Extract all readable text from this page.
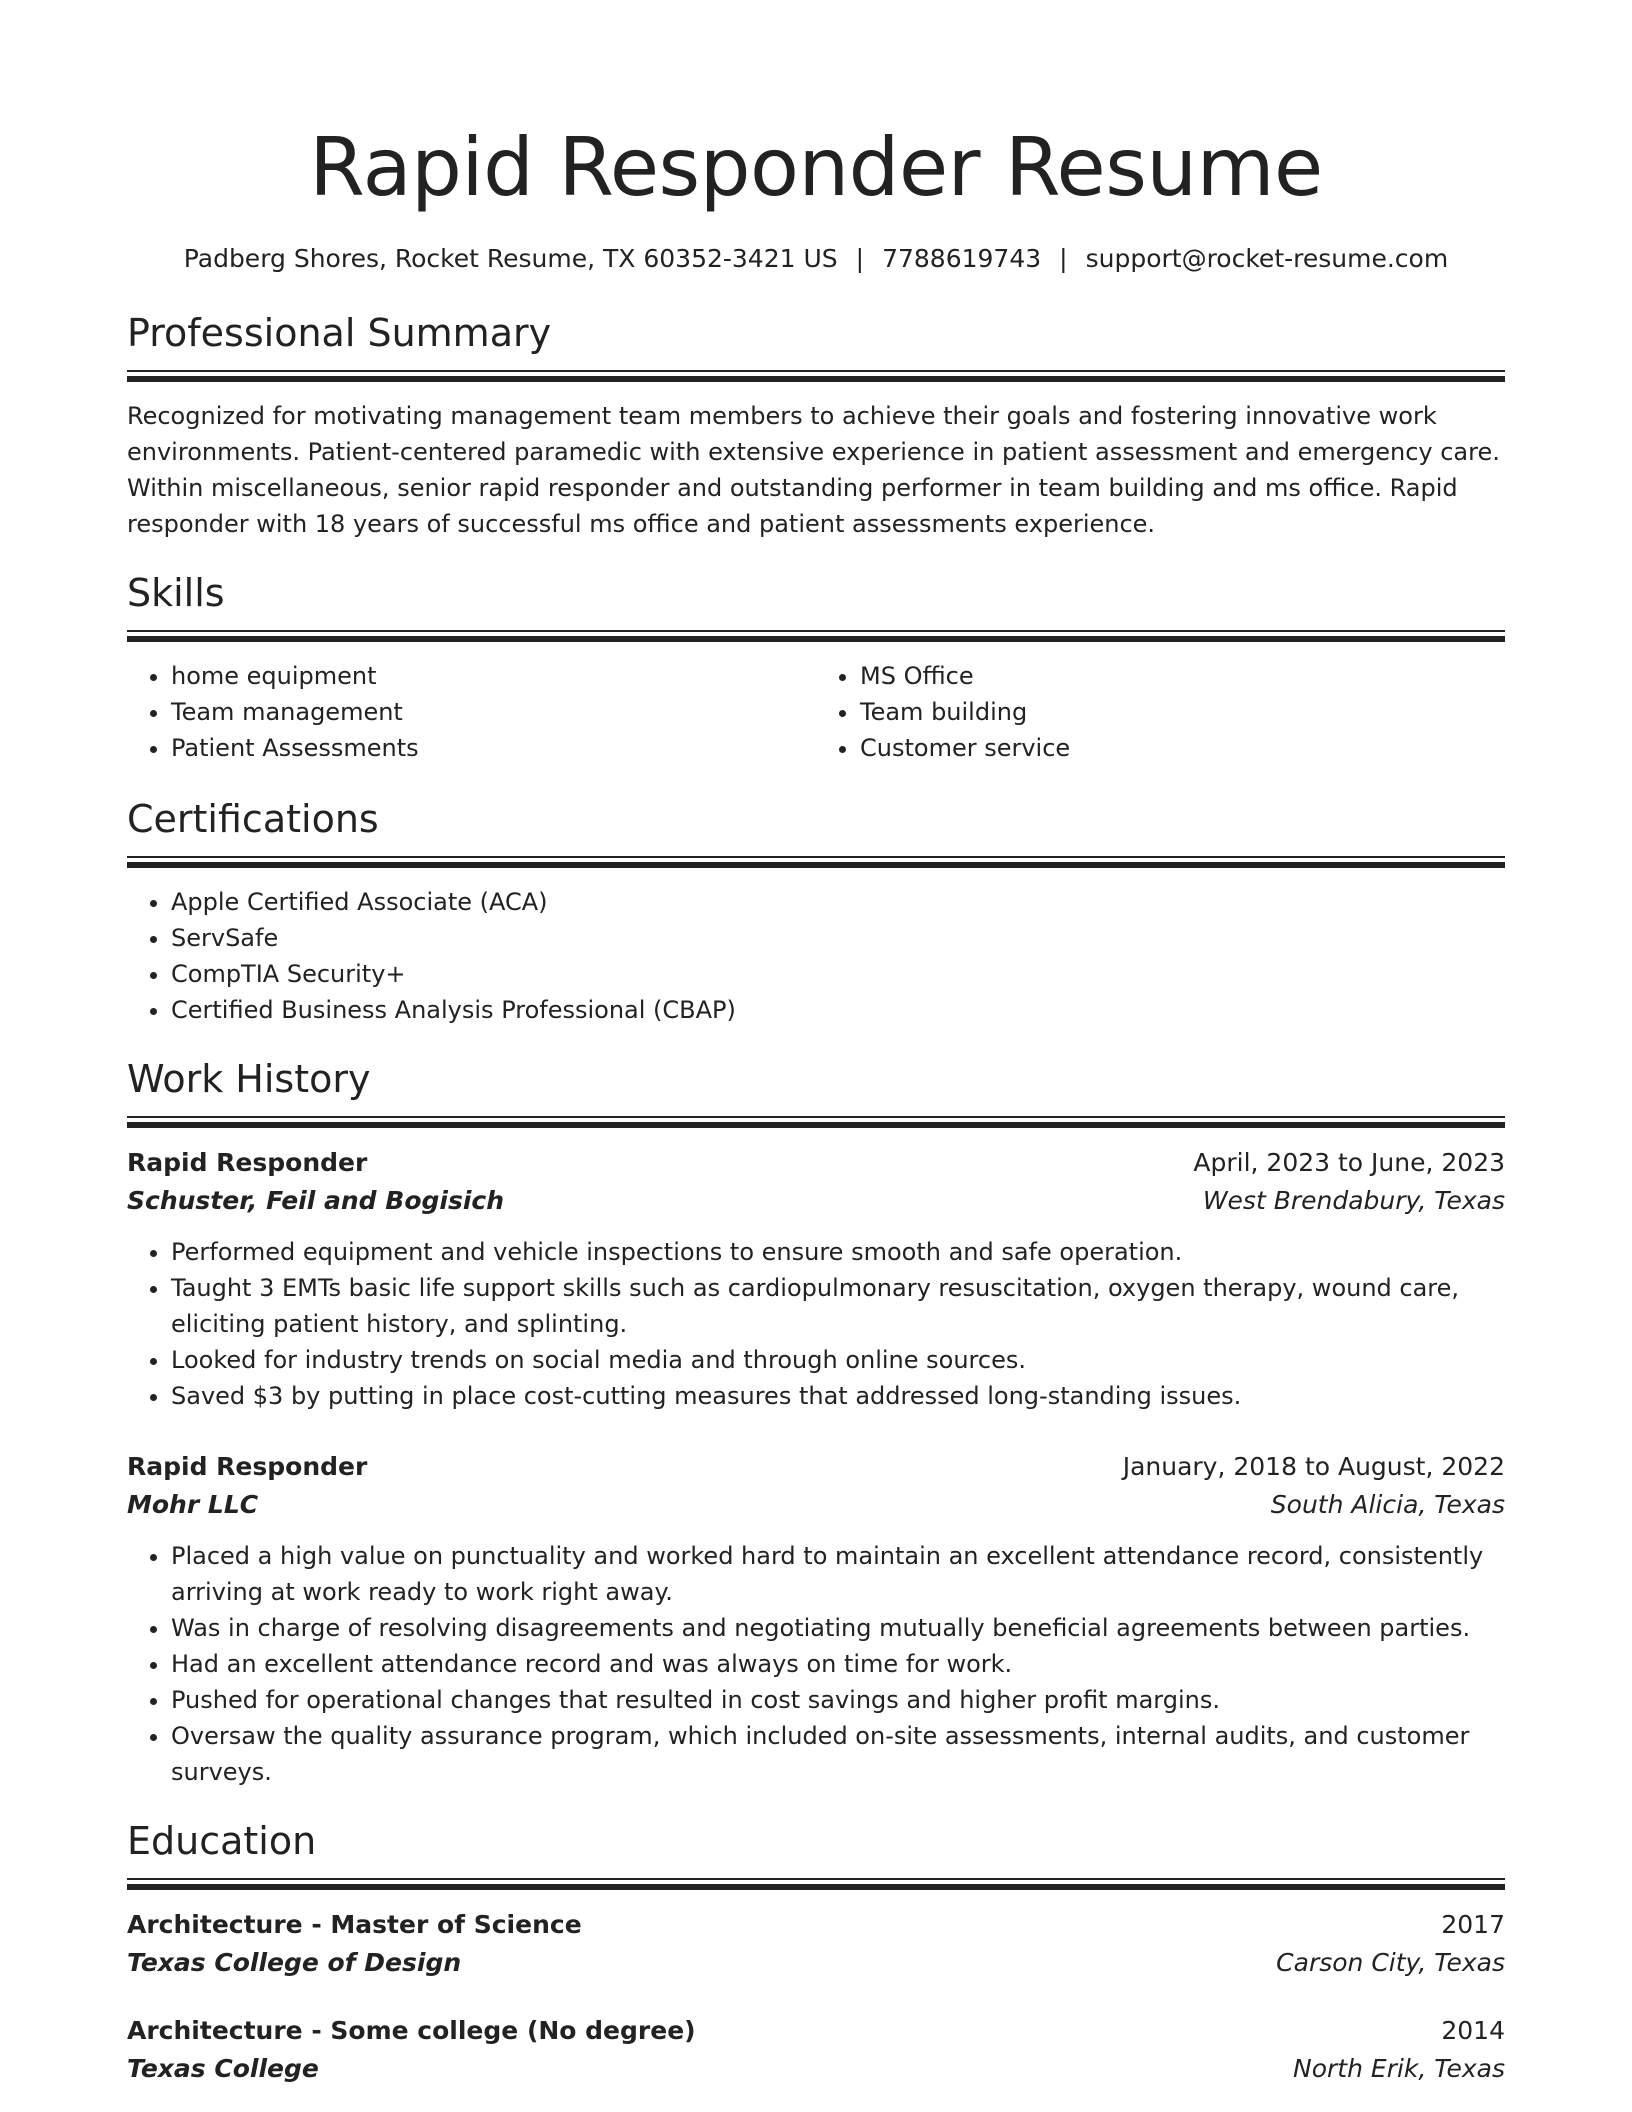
Rapid Responder Resume
Padberg Shores, Rocket Resume, TX 60352-3421 US | 7788619743 | support@rocket-resume.com
Professional Summary
Recognized for motivating management team members to achieve their goals and fostering innovative work environments. Patient-centered paramedic with extensive experience in patient assessment and emergency care. Within miscellaneous, senior rapid responder and outstanding performer in team building and ms office. Rapid responder with 18 years of successful ms office and patient assessments experience.
Skills
• home equipment
• Team management
• Patient Assessments
• MS Office
• Team building
• Customer service
Certifications
• Apple Certified Associate (ACA)
• ServSafe
• CompTIA Security+
• Certified Business Analysis Professional (CBAP)
Work History
Rapid Responder	April, 2023 to June, 2023
Schuster, Feil and Bogisich	West Brendabury, Texas
• Performed equipment and vehicle inspections to ensure smooth and safe operation.
• Taught 3 EMTs basic life support skills such as cardiopulmonary resuscitation, oxygen therapy, wound care, eliciting patient history, and splinting.
• Looked for industry trends on social media and through online sources.
• Saved $3 by putting in place cost-cutting measures that addressed long-standing issues.
Rapid Responder	January, 2018 to August, 2022
Mohr LLC	South Alicia, Texas
• Placed a high value on punctuality and worked hard to maintain an excellent attendance record, consistently arriving at work ready to work right away.
• Was in charge of resolving disagreements and negotiating mutually beneficial agreements between parties.
• Had an excellent attendance record and was always on time for work.
• Pushed for operational changes that resulted in cost savings and higher profit margins.
• Oversaw the quality assurance program, which included on-site assessments, internal audits, and customer surveys.
Education
Architecture - Master of Science	2017
Texas College of Design	Carson City, Texas
Architecture - Some college (No degree)	2014
Texas College	North Erik, Texas
